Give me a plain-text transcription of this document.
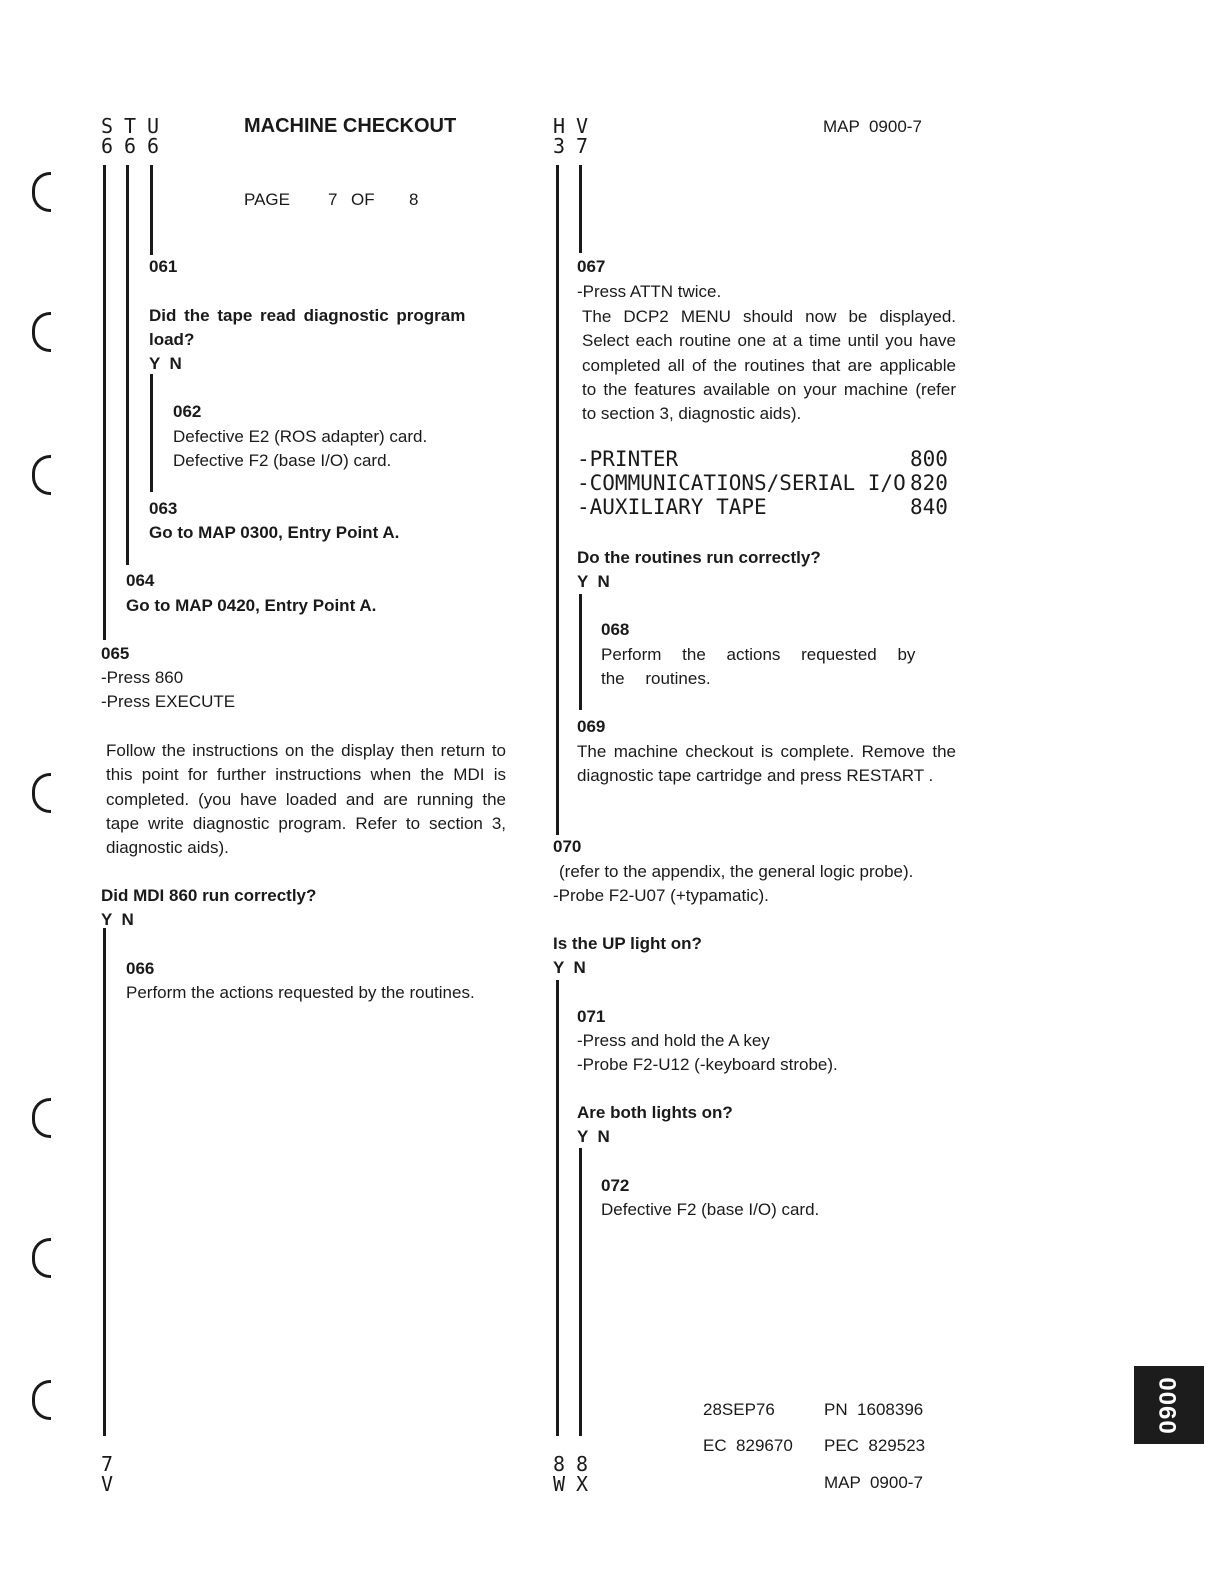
S T U
6 6 6
MACHINE CHECKOUT	H V
3 7
MAP  0900-7
PAGE 7 OF 8
061
Did the tape read diagnostic program
load?
Y  N
062
Defective E2 (ROS adapter) card.
Defective F2 (base I/O) card.
063
Go to MAP 0300, Entry Point A.
064
Go to MAP 0420, Entry Point A.
065
-Press 860
-Press EXECUTE
Follow the instructions on the display then return to this point for further instructions when the MDI is completed. (you have loaded and are running the tape write diagnostic program. Refer to section 3, diagnostic aids).
Did MDI 860 run correctly?
Y  N
066
Perform the actions requested by the routines.
7
V
067
-Press ATTN twice.
The DCP2 MENU should now be displayed. Select each routine one at a time until you have completed all of the routines that are applicable to the features available on your machine (refer to section 3, diagnostic aids).
-PRINTER	800
-COMMUNICATIONS/SERIAL I/O 820
-AUXILIARY TAPE	840
Do the routines run correctly?
Y  N
068
Perform the actions requested by the routines.
069
The machine checkout is complete. Remove the diagnostic tape cartridge and press RESTART .
070
(refer to the appendix, the general logic probe).
-Probe F2-U07 (+typamatic).
Is the UP light on?
Y  N
071
-Press and hold the A key
-Probe F2-U12 (-keyboard strobe).
Are both lights on?
Y  N
072
Defective F2 (base I/O) card.
8 8
W X
28SEP76	PN  1608396
EC  829670 PEC  829523
MAP  0900-7
0900
